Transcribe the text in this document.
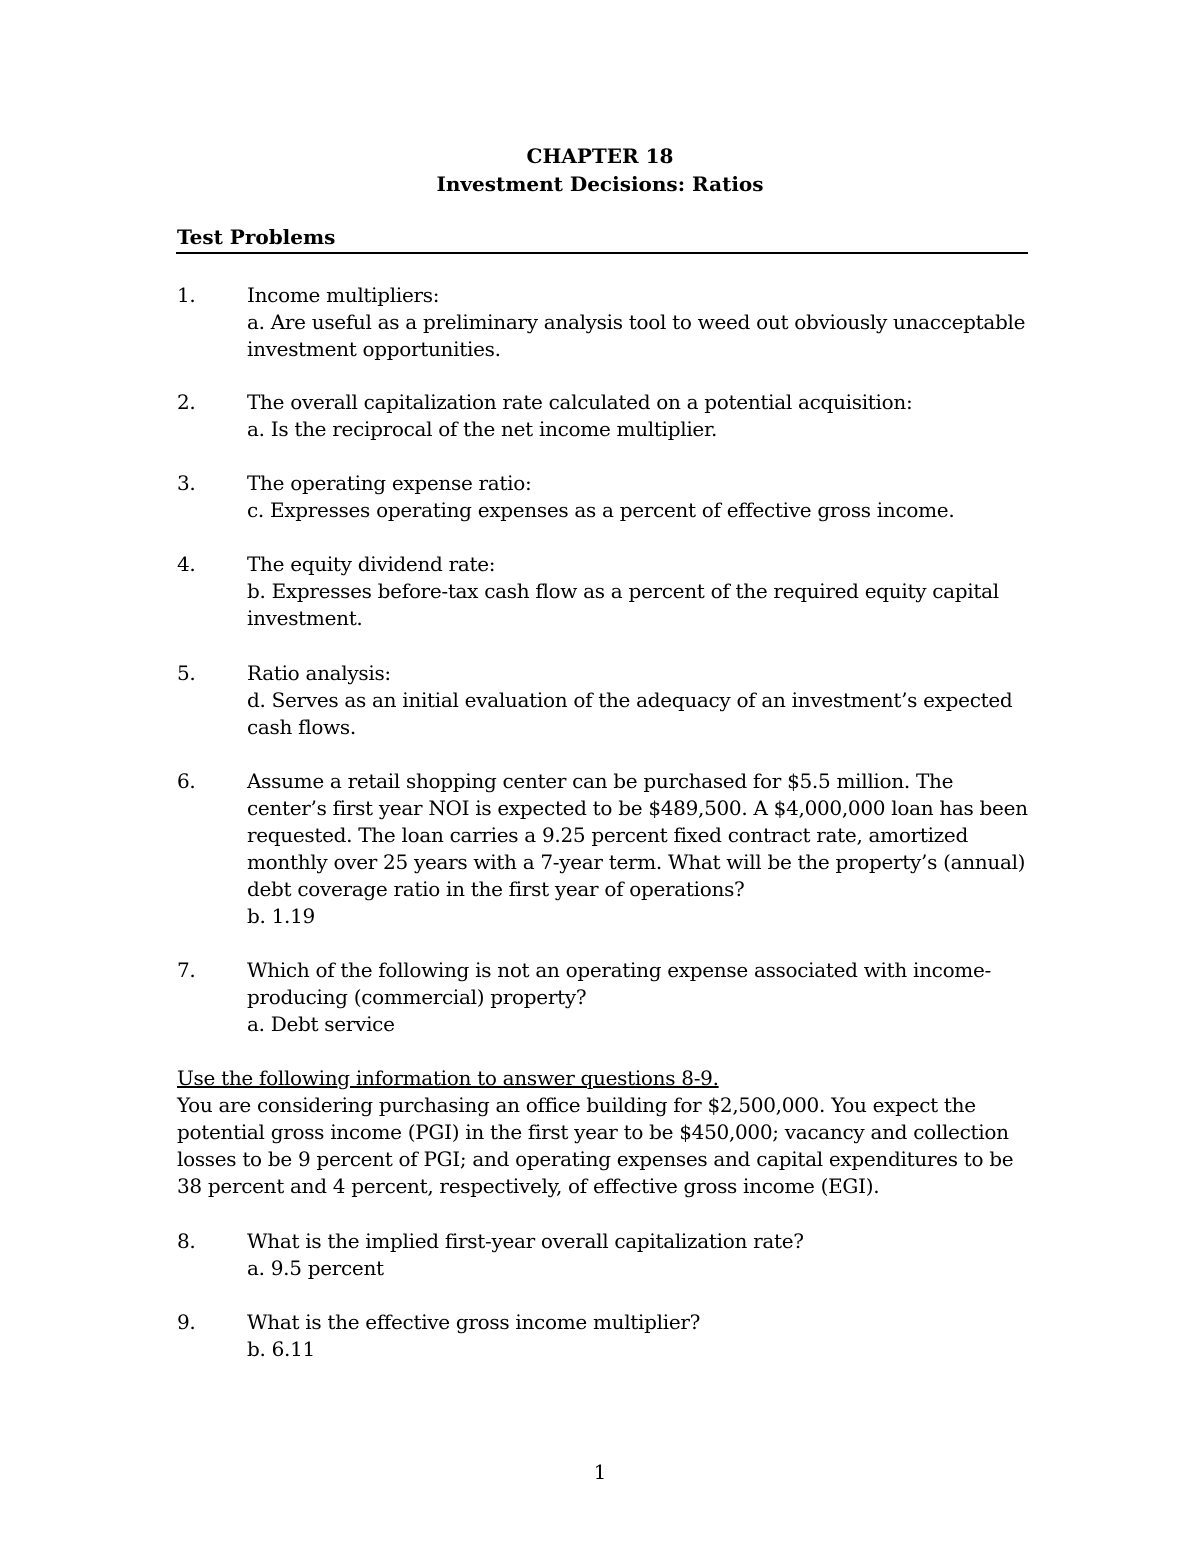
CHAPTER 18
Investment Decisions: Ratios
Test Problems
1.	Income multipliers:
a. Are useful as a preliminary analysis tool to weed out obviously unacceptable investment opportunities.
2.	The overall capitalization rate calculated on a potential acquisition:
a. Is the reciprocal of the net income multiplier.
3.	The operating expense ratio:
c. Expresses operating expenses as a percent of effective gross income.
4.	The equity dividend rate:
b. Expresses before-tax cash flow as a percent of the required equity capital investment.
5.	Ratio analysis:
d. Serves as an initial evaluation of the adequacy of an investment’s expected cash flows.
6.	Assume a retail shopping center can be purchased for $5.5 million. The center’s first year NOI is expected to be $489,500. A $4,000,000 loan has been requested. The loan carries a 9.25 percent fixed contract rate, amortized monthly over 25 years with a 7-year term. What will be the property’s (annual) debt coverage ratio in the first year of operations?
b. 1.19
7.	Which of the following is not an operating expense associated with income-producing (commercial) property?
a. Debt service
Use the following information to answer questions 8-9.
You are considering purchasing an office building for $2,500,000. You expect the potential gross income (PGI) in the first year to be $450,000; vacancy and collection losses to be 9 percent of PGI; and operating expenses and capital expenditures to be 38 percent and 4 percent, respectively, of effective gross income (EGI).
8.	What is the implied first-year overall capitalization rate?
a. 9.5 percent
9.	What is the effective gross income multiplier?
b. 6.11
1
